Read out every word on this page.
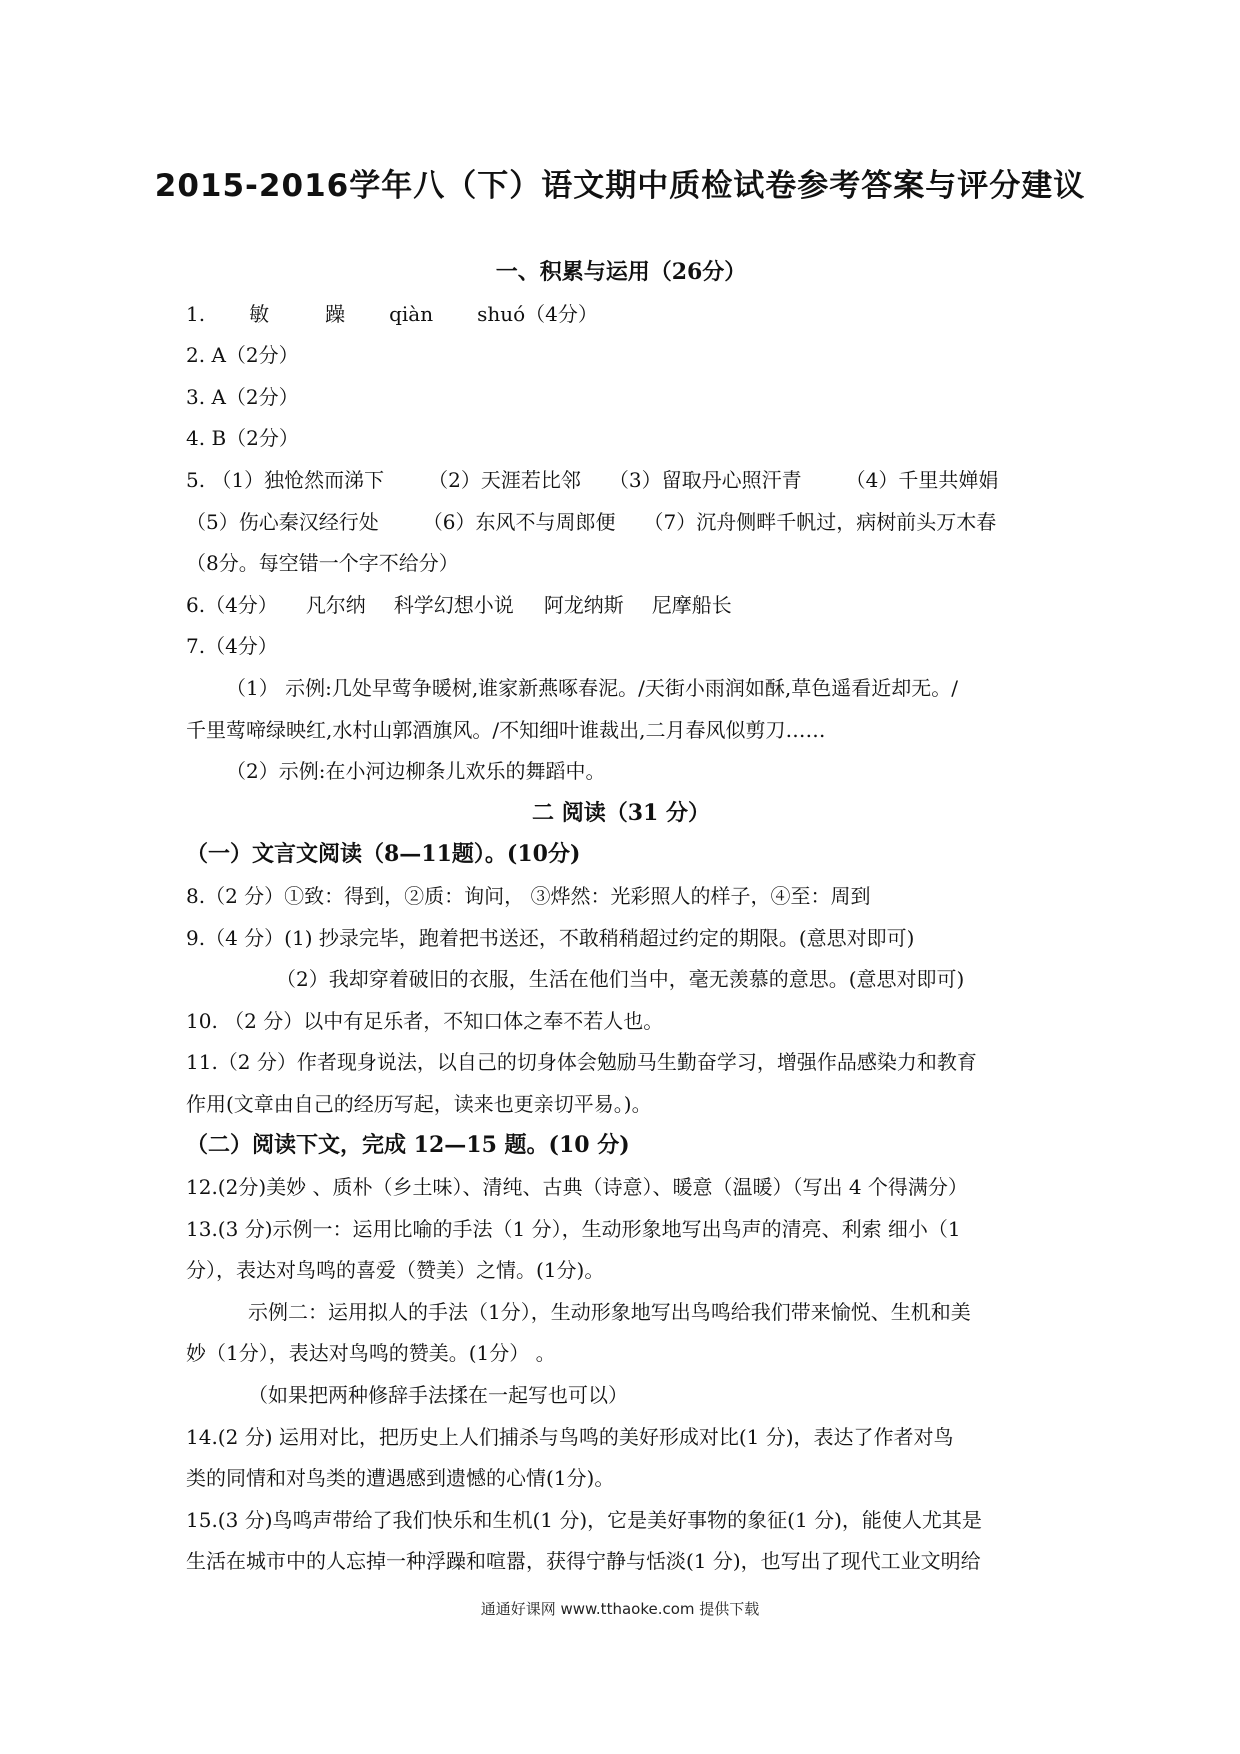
2015-2016学年八（下）语文期中质检试卷参考答案与评分建议
一、积累与运用（26分）
1. 敏	躁 qiàn shuó（4分）
2. A（2分）
3. A（2分）
4. B（2分）
5. （1）独怆然而涕下 （2）天涯若比邻 （3）留取丹心照汗青 （4）千里共婵娟
（5）伤心秦汉经行处 （6）东风不与周郎便 （7）沉舟侧畔千帆过，病树前头万木春
（8分。每空错一个字不给分）
6.（4分） 凡尔纳 科学幻想小说 阿龙纳斯 尼摩船长
7.（4分）
（1） 示例:几处早莺争暖树,谁家新燕啄春泥。/天街小雨润如酥,草色遥看近却无。/
千里莺啼绿映红,水村山郭酒旗风。/不知细叶谁裁出,二月春风似剪刀……
（2）示例:在小河边柳条儿欢乐的舞蹈中。
二 阅读（31 分）
（一）文言文阅读（8—11题）。(10分)
8.（2 分）①致：得到，②质：询问， ③烨然：光彩照人的样子，④至：周到
9.（4 分）(1) 抄录完毕，跑着把书送还，不敢稍稍超过约定的期限。(意思对即可)
（2）我却穿着破旧的衣服，生活在他们当中，毫无羡慕的意思。(意思对即可)
10. （2 分）以中有足乐者，不知口体之奉不若人也。
11.（2 分）作者现身说法，以自己的切身体会勉励马生勤奋学习，增强作品感染力和教育
作用(文章由自己的经历写起，读来也更亲切平易。)。
（二）阅读下文，完成 12—15 题。(10 分)
12.(2分)美妙 、质朴（乡土味）、清纯、古典（诗意）、暖意（温暖）（写出 4 个得满分）
13.(3 分)示例一：运用比喻的手法（1 分），生动形象地写出鸟声的清亮、利索 细小（1
分），表达对鸟鸣的喜爱（赞美）之情。(1分)。
示例二：运用拟人的手法（1分），生动形象地写出鸟鸣给我们带来愉悦、生机和美
妙（1分），表达对鸟鸣的赞美。(1分） 。
（如果把两种修辞手法揉在一起写也可以）
14.(2 分) 运用对比，把历史上人们捕杀与鸟鸣的美好形成对比(1 分)，表达了作者对鸟
类的同情和对鸟类的遭遇感到遗憾的心情(1分)。
15.(3 分)鸟鸣声带给了我们快乐和生机(1 分)，它是美好事物的象征(1 分)，能使人尤其是
生活在城市中的人忘掉一种浮躁和喧嚣，获得宁静与恬淡(1 分)，也写出了现代工业文明给
通通好课网 www.tthaoke.com 提供下载
